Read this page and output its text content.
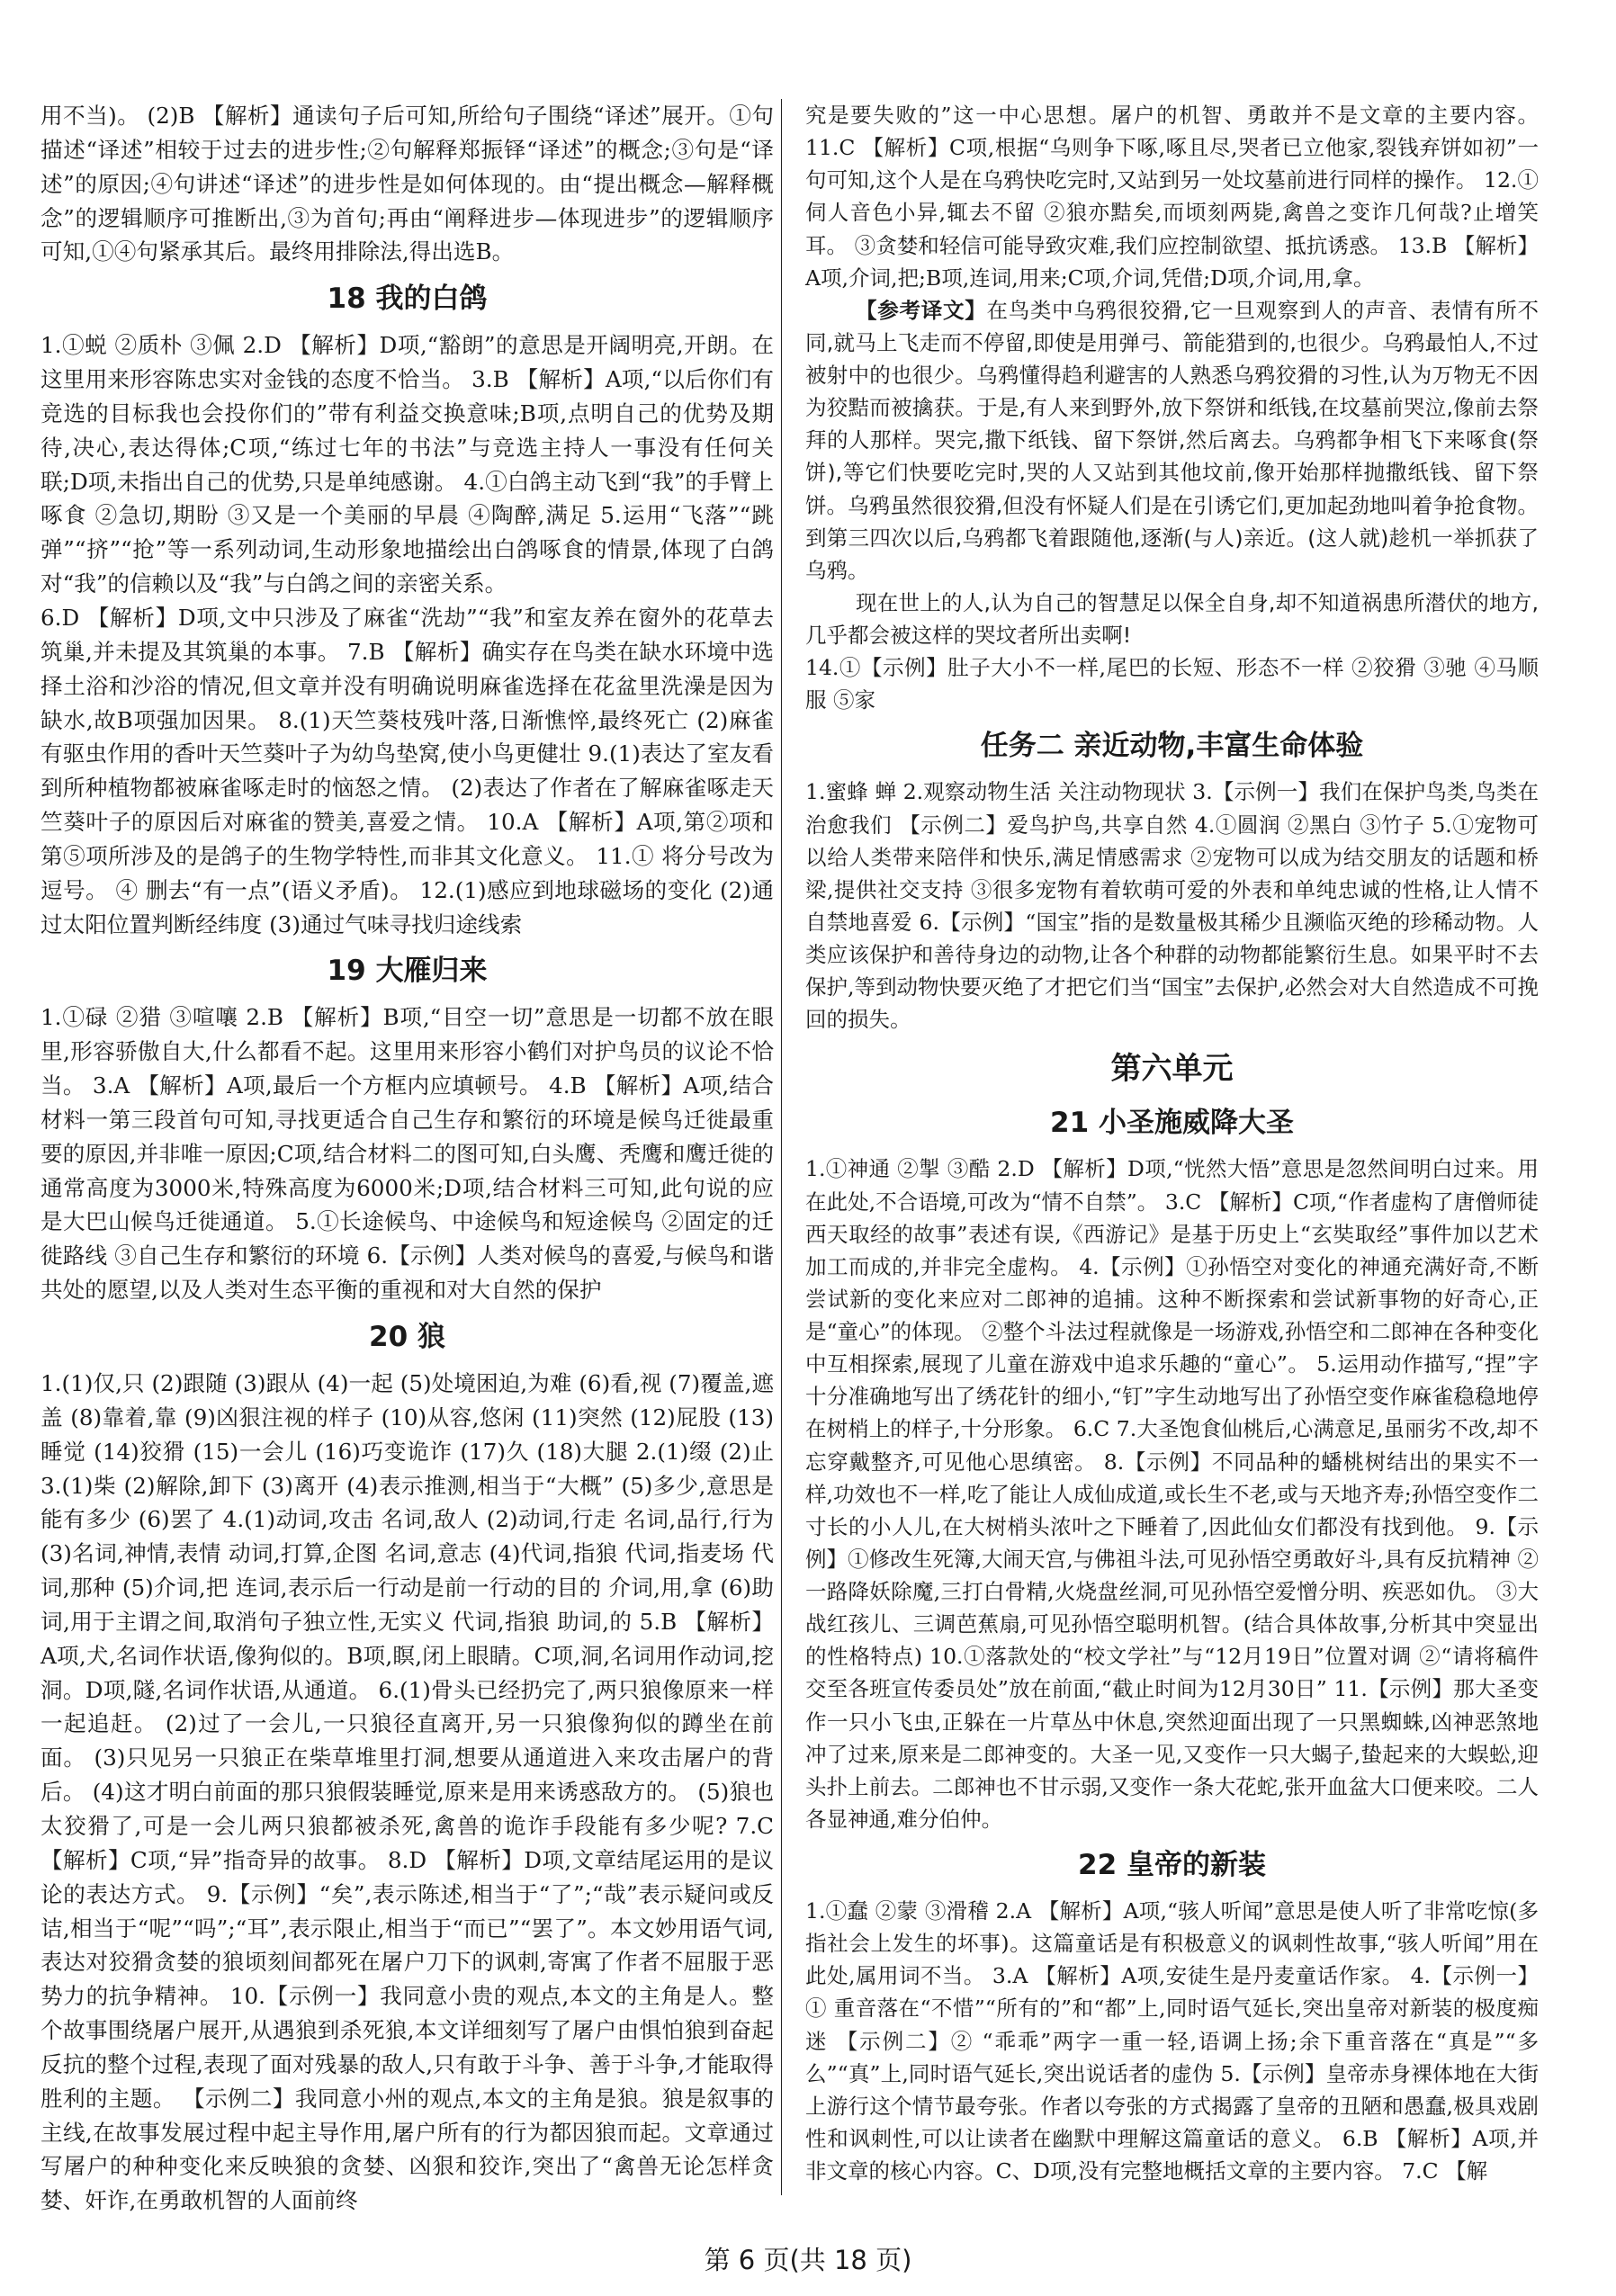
用不当)。 (2)B 【解析】通读句子后可知,所给句子围绕“译述”展开。①句描述“译述”相较于过去的进步性;②句解释郑振铎“译述”的概念;③句是“译述”的原因;④句讲述“译述”的进步性是如何体现的。由“提出概念—解释概念”的逻辑顺序可推断出,③为首句;再由“阐释进步—体现进步”的逻辑顺序可知,①④句紧承其后。最终用排除法,得出选B。

18 我的白鸽

1.①蜕 ②质朴 ③佩 2.D 【解析】D项,“豁朗”的意思是开阔明亮,开朗。在这里用来形容陈忠实对金钱的态度不恰当。 3.B 【解析】A项,“以后你们有竞选的目标我也会投你们的”带有利益交换意味;B项,点明自己的优势及期待,决心,表达得体;C项,“练过七年的书法”与竞选主持人一事没有任何关联;D项,未指出自己的优势,只是单纯感谢。 4.①白鸽主动飞到“我”的手臂上啄食 ②急切,期盼 ③又是一个美丽的早晨 ④陶醉,满足 5.运用“飞落”“跳弹”“挤”“抢”等一系列动词,生动形象地描绘出白鸽啄食的情景,体现了白鸽对“我”的信赖以及“我”与白鸽之间的亲密关系。

6.D 【解析】D项,文中只涉及了麻雀“洗劫”“我”和室友养在窗外的花草去筑巢,并未提及其筑巢的本事。 7.B 【解析】确实存在鸟类在缺水环境中选择土浴和沙浴的情况,但文章并没有明确说明麻雀选择在花盆里洗澡是因为缺水,故B项强加因果。 8.(1)天竺葵枝残叶落,日渐憔悴,最终死亡 (2)麻雀有驱虫作用的香叶天竺葵叶子为幼鸟垫窝,使小鸟更健壮 9.(1)表达了室友看到所种植物都被麻雀啄走时的恼怒之情。 (2)表达了作者在了解麻雀啄走天竺葵叶子的原因后对麻雀的赞美,喜爱之情。 10.A 【解析】A项,第②项和第⑤项所涉及的是鸽子的生物学特性,而非其文化意义。 11.① 将分号改为逗号。 ④ 删去“有一点”(语义矛盾)。 12.(1)感应到地球磁场的变化 (2)通过太阳位置判断经纬度 (3)通过气味寻找归途线索

19 大雁归来

1.①碌 ②猎 ③喧嚷 2.B 【解析】B项,“目空一切”意思是一切都不放在眼里,形容骄傲自大,什么都看不起。这里用来形容小鹤们对护鸟员的议论不恰当。 3.A 【解析】A项,最后一个方框内应填顿号。 4.B 【解析】A项,结合材料一第三段首句可知,寻找更适合自己生存和繁衍的环境是候鸟迁徙最重要的原因,并非唯一原因;C项,结合材料二的图可知,白头鹰、秃鹰和鹰迁徙的通常高度为3000米,特殊高度为6000米;D项,结合材料三可知,此句说的应是大巴山候鸟迁徙通道。 5.①长途候鸟、中途候鸟和短途候鸟 ②固定的迁徙路线 ③自己生存和繁衍的环境 6.【示例】人类对候鸟的喜爱,与候鸟和谐共处的愿望,以及人类对生态平衡的重视和对大自然的保护

20 狼

1.(1)仅,只 (2)跟随 (3)跟从 (4)一起 (5)处境困迫,为难 (6)看,视 (7)覆盖,遮盖 (8)靠着,靠 (9)凶狠注视的样子 (10)从容,悠闲 (11)突然 (12)屁股 (13)睡觉 (14)狡猾 (15)一会儿 (16)巧变诡诈 (17)久 (18)大腿 2.(1)缀 (2)止 3.(1)柴 (2)解除,卸下 (3)离开 (4)表示推测,相当于“大概” (5)多少,意思是能有多少 (6)罢了 4.(1)动词,攻击 名词,敌人 (2)动词,行走 名词,品行,行为 (3)名词,神情,表情 动词,打算,企图 名词,意志 (4)代词,指狼 代词,指麦场 代词,那种 (5)介词,把 连词,表示后一行动是前一行动的目的 介词,用,拿 (6)助词,用于主谓之间,取消句子独立性,无实义 代词,指狼 助词,的 5.B 【解析】A项,犬,名词作状语,像狗似的。B项,瞑,闭上眼睛。C项,洞,名词用作动词,挖洞。D项,隧,名词作状语,从通道。 6.(1)骨头已经扔完了,两只狼像原来一样一起追赶。 (2)过了一会儿,一只狼径直离开,另一只狼像狗似的蹲坐在前面。 (3)只见另一只狼正在柴草堆里打洞,想要从通道进入来攻击屠户的背后。 (4)这才明白前面的那只狼假装睡觉,原来是用来诱惑敌方的。 (5)狼也太狡猾了,可是一会儿两只狼都被杀死,禽兽的诡诈手段能有多少呢? 7.C 【解析】C项,“异”指奇异的故事。 8.D 【解析】D项,文章结尾运用的是议论的表达方式。 9.【示例】“矣”,表示陈述,相当于“了”;“哉”表示疑问或反诘,相当于“呢”“吗”;“耳”,表示限止,相当于“而已”“罢了”。本文妙用语气词,表达对狡猾贪婪的狼顷刻间都死在屠户刀下的讽刺,寄寓了作者不屈服于恶势力的抗争精神。 10.【示例一】我同意小贵的观点,本文的主角是人。整个故事围绕屠户展开,从遇狼到杀死狼,本文详细刻写了屠户由惧怕狼到奋起反抗的整个过程,表现了面对残暴的敌人,只有敢于斗争、善于斗争,才能取得胜利的主题。 【示例二】我同意小州的观点,本文的主角是狼。狼是叙事的主线,在故事发展过程中起主导作用,屠户所有的行为都因狼而起。文章通过写屠户的种种变化来反映狼的贪婪、凶狠和狡诈,突出了“禽兽无论怎样贪婪、奸诈,在勇敢机智的人面前终

究是要失败的”这一中心思想。屠户的机智、勇敢并不是文章的主要内容。 11.C 【解析】C项,根据“乌则争下啄,啄且尽,哭者已立他家,裂钱弃饼如初”一句可知,这个人是在乌鸦快吃完时,又站到另一处坟墓前进行同样的操作。 12.①伺人音色小异,辄去不留 ②狼亦黠矣,而顷刻两毙,禽兽之变诈几何哉?止增笑耳。 ③贪婪和轻信可能导致灾难,我们应控制欲望、抵抗诱惑。 13.B 【解析】A项,介词,把;B项,连词,用来;C项,介词,凭借;D项,介词,用,拿。

【参考译文】在鸟类中乌鸦很狡猾,它一旦观察到人的声音、表情有所不同,就马上飞走而不停留,即使是用弹弓、箭能猎到的,也很少。乌鸦最怕人,不过被射中的也很少。乌鸦懂得趋利避害的人熟悉乌鸦狡猾的习性,认为万物无不因为狡黠而被擒获。于是,有人来到野外,放下祭饼和纸钱,在坟墓前哭泣,像前去祭拜的人那样。哭完,撒下纸钱、留下祭饼,然后离去。乌鸦都争相飞下来啄食(祭饼),等它们快要吃完时,哭的人又站到其他坟前,像开始那样抛撒纸钱、留下祭饼。乌鸦虽然很狡猾,但没有怀疑人们是在引诱它们,更加起劲地叫着争抢食物。到第三四次以后,乌鸦都飞着跟随他,逐渐(与人)亲近。(这人就)趁机一举抓获了乌鸦。

现在世上的人,认为自己的智慧足以保全自身,却不知道祸患所潜伏的地方,几乎都会被这样的哭坟者所出卖啊!

14.①【示例】肚子大小不一样,尾巴的长短、形态不一样 ②狡猾 ③驰 ④马顺服 ⑤家

任务二 亲近动物,丰富生命体验

1.蜜蜂 蝉 2.观察动物生活 关注动物现状 3.【示例一】我们在保护鸟类,鸟类在治愈我们 【示例二】爱鸟护鸟,共享自然 4.①圆润 ②黑白 ③竹子 5.①宠物可以给人类带来陪伴和快乐,满足情感需求 ②宠物可以成为结交朋友的话题和桥梁,提供社交支持 ③很多宠物有着软萌可爱的外表和单纯忠诚的性格,让人情不自禁地喜爱 6.【示例】“国宝”指的是数量极其稀少且濒临灭绝的珍稀动物。人类应该保护和善待身边的动物,让各个种群的动物都能繁衍生息。如果平时不去保护,等到动物快要灭绝了才把它们当“国宝”去保护,必然会对大自然造成不可挽回的损失。

第六单元
21 小圣施威降大圣

1.①神通 ②掣 ③酷 2.D 【解析】D项,“恍然大悟”意思是忽然间明白过来。用在此处,不合语境,可改为“情不自禁”。 3.C 【解析】C项,“作者虚构了唐僧师徒西天取经的故事”表述有误,《西游记》是基于历史上“玄奘取经”事件加以艺术加工而成的,并非完全虚构。 4.【示例】①孙悟空对变化的神通充满好奇,不断尝试新的变化来应对二郎神的追捕。这种不断探索和尝试新事物的好奇心,正是“童心”的体现。 ②整个斗法过程就像是一场游戏,孙悟空和二郎神在各种变化中互相探索,展现了儿童在游戏中追求乐趣的“童心”。 5.运用动作描写,“捏”字十分准确地写出了绣花针的细小,“钉”字生动地写出了孙悟空变作麻雀稳稳地停在树梢上的样子,十分形象。 6.C 7.大圣饱食仙桃后,心满意足,虽丽劣不改,却不忘穿戴整齐,可见他心思缜密。 8.【示例】不同品种的蟠桃树结出的果实不一样,功效也不一样,吃了能让人成仙成道,或长生不老,或与天地齐寿;孙悟空变作二寸长的小人儿,在大树梢头浓叶之下睡着了,因此仙女们都没有找到他。 9.【示例】①修改生死簿,大闹天宫,与佛祖斗法,可见孙悟空勇敢好斗,具有反抗精神 ②一路降妖除魔,三打白骨精,火烧盘丝洞,可见孙悟空爱憎分明、疾恶如仇。 ③大战红孩儿、三调芭蕉扇,可见孙悟空聪明机智。(结合具体故事,分析其中突显出的性格特点) 10.①落款处的“校文学社”与“12月19日”位置对调 ②“请将稿件交至各班宣传委员处”放在前面,“截止时间为12月30日” 11.【示例】那大圣变作一只小飞虫,正躲在一片草丛中休息,突然迎面出现了一只黑蜘蛛,凶神恶煞地冲了过来,原来是二郎神变的。大圣一见,又变作一只大蝎子,蛰起来的大蜈蚣,迎头扑上前去。二郎神也不甘示弱,又变作一条大花蛇,张开血盆大口便来咬。二人各显神通,难分伯仲。

22 皇帝的新装

1.①蠢 ②蒙 ③滑稽 2.A 【解析】A项,“骇人听闻”意思是使人听了非常吃惊(多指社会上发生的坏事)。这篇童话是有积极意义的讽刺性故事,“骇人听闻”用在此处,属用词不当。 3.A 【解析】A项,安徒生是丹麦童话作家。 4.【示例一】① 重音落在“不惜”“所有的”和“都”上,同时语气延长,突出皇帝对新装的极度痴迷 【示例二】② “乖乖”两字一重一轻,语调上扬;余下重音落在“真是”“多么”“真”上,同时语气延长,突出说话者的虚伪 5.【示例】皇帝赤身裸体地在大街上游行这个情节最夸张。作者以夸张的方式揭露了皇帝的丑陋和愚蠢,极具戏剧性和讽刺性,可以让读者在幽默中理解这篇童话的意义。 6.B 【解析】A项,并非文章的核心内容。C、D项,没有完整地概括文章的主要内容。 7.C 【解

第 6 页(共 18 页)
